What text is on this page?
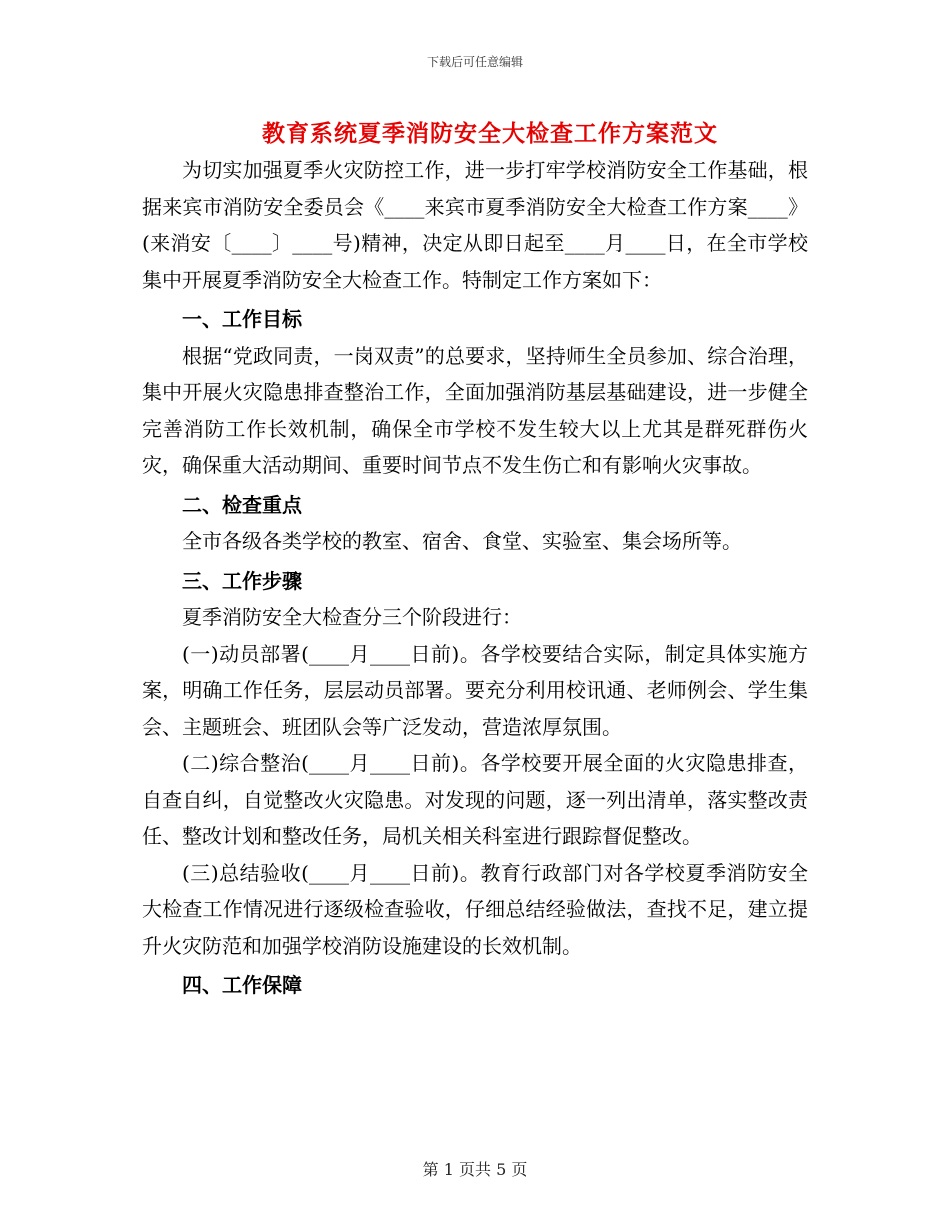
下载后可任意编辑
教育系统夏季消防安全大检查工作方案范文

为切实加强夏季火灾防控工作，进一步打牢学校消防安全工作基础，根据来宾市消防安全委员会《____来宾市夏季消防安全大检查工作方案____》(来消安〔____〕____号)精神，决定从即日起至____月____日，在全市学校集中开展夏季消防安全大检查工作。特制定工作方案如下：

一、工作目标

根据“党政同责，一岗双责”的总要求，坚持师生全员参加、综合治理，集中开展火灾隐患排查整治工作，全面加强消防基层基础建设，进一步健全完善消防工作长效机制，确保全市学校不发生较大以上尤其是群死群伤火灾，确保重大活动期间、重要时间节点不发生伤亡和有影响火灾事故。

二、检查重点

全市各级各类学校的教室、宿舍、食堂、实验室、集会场所等。

三、工作步骤

夏季消防安全大检查分三个阶段进行：

(一)动员部署(____月____日前)。各学校要结合实际，制定具体实施方案，明确工作任务，层层动员部署。要充分利用校讯通、老师例会、学生集会、主题班会、班团队会等广泛发动，营造浓厚氛围。

(二)综合整治(____月____日前)。各学校要开展全面的火灾隐患排查，自查自纠，自觉整改火灾隐患。对发现的问题，逐一列出清单，落实整改责任、整改计划和整改任务，局机关相关科室进行跟踪督促整改。

(三)总结验收(____月____日前)。教育行政部门对各学校夏季消防安全大检查工作情况进行逐级检查验收，仔细总结经验做法，查找不足，建立提升火灾防范和加强学校消防设施建设的长效机制。

四、工作保障

第 1 页共 5 页
